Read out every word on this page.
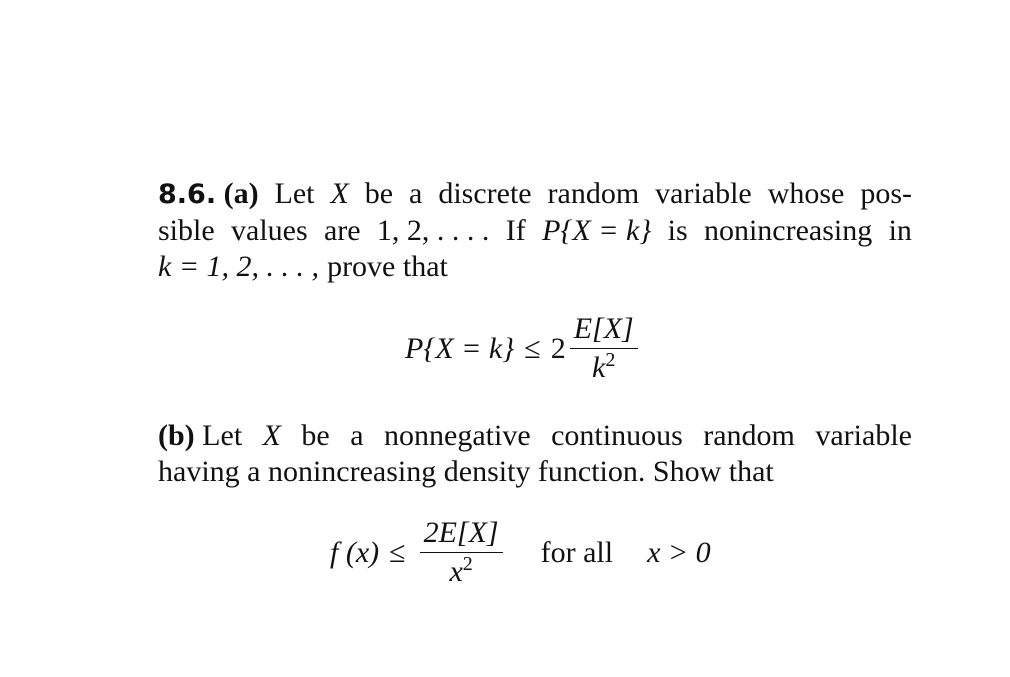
8.6. (a) Let X be a discrete random variable whose pos-
sible values are 1, 2, . . . . If P{X = k} is nonincreasing in
k = 1, 2, . . . , prove that
$P\{X = k\} \le 2 \frac{E[X]}{k^2}$
(b) Let X be a nonnegative continuous random variable
having a nonincreasing density function. Show that
f $(x) \le \frac{2E[X]}{x^2}$ for all x > 0
